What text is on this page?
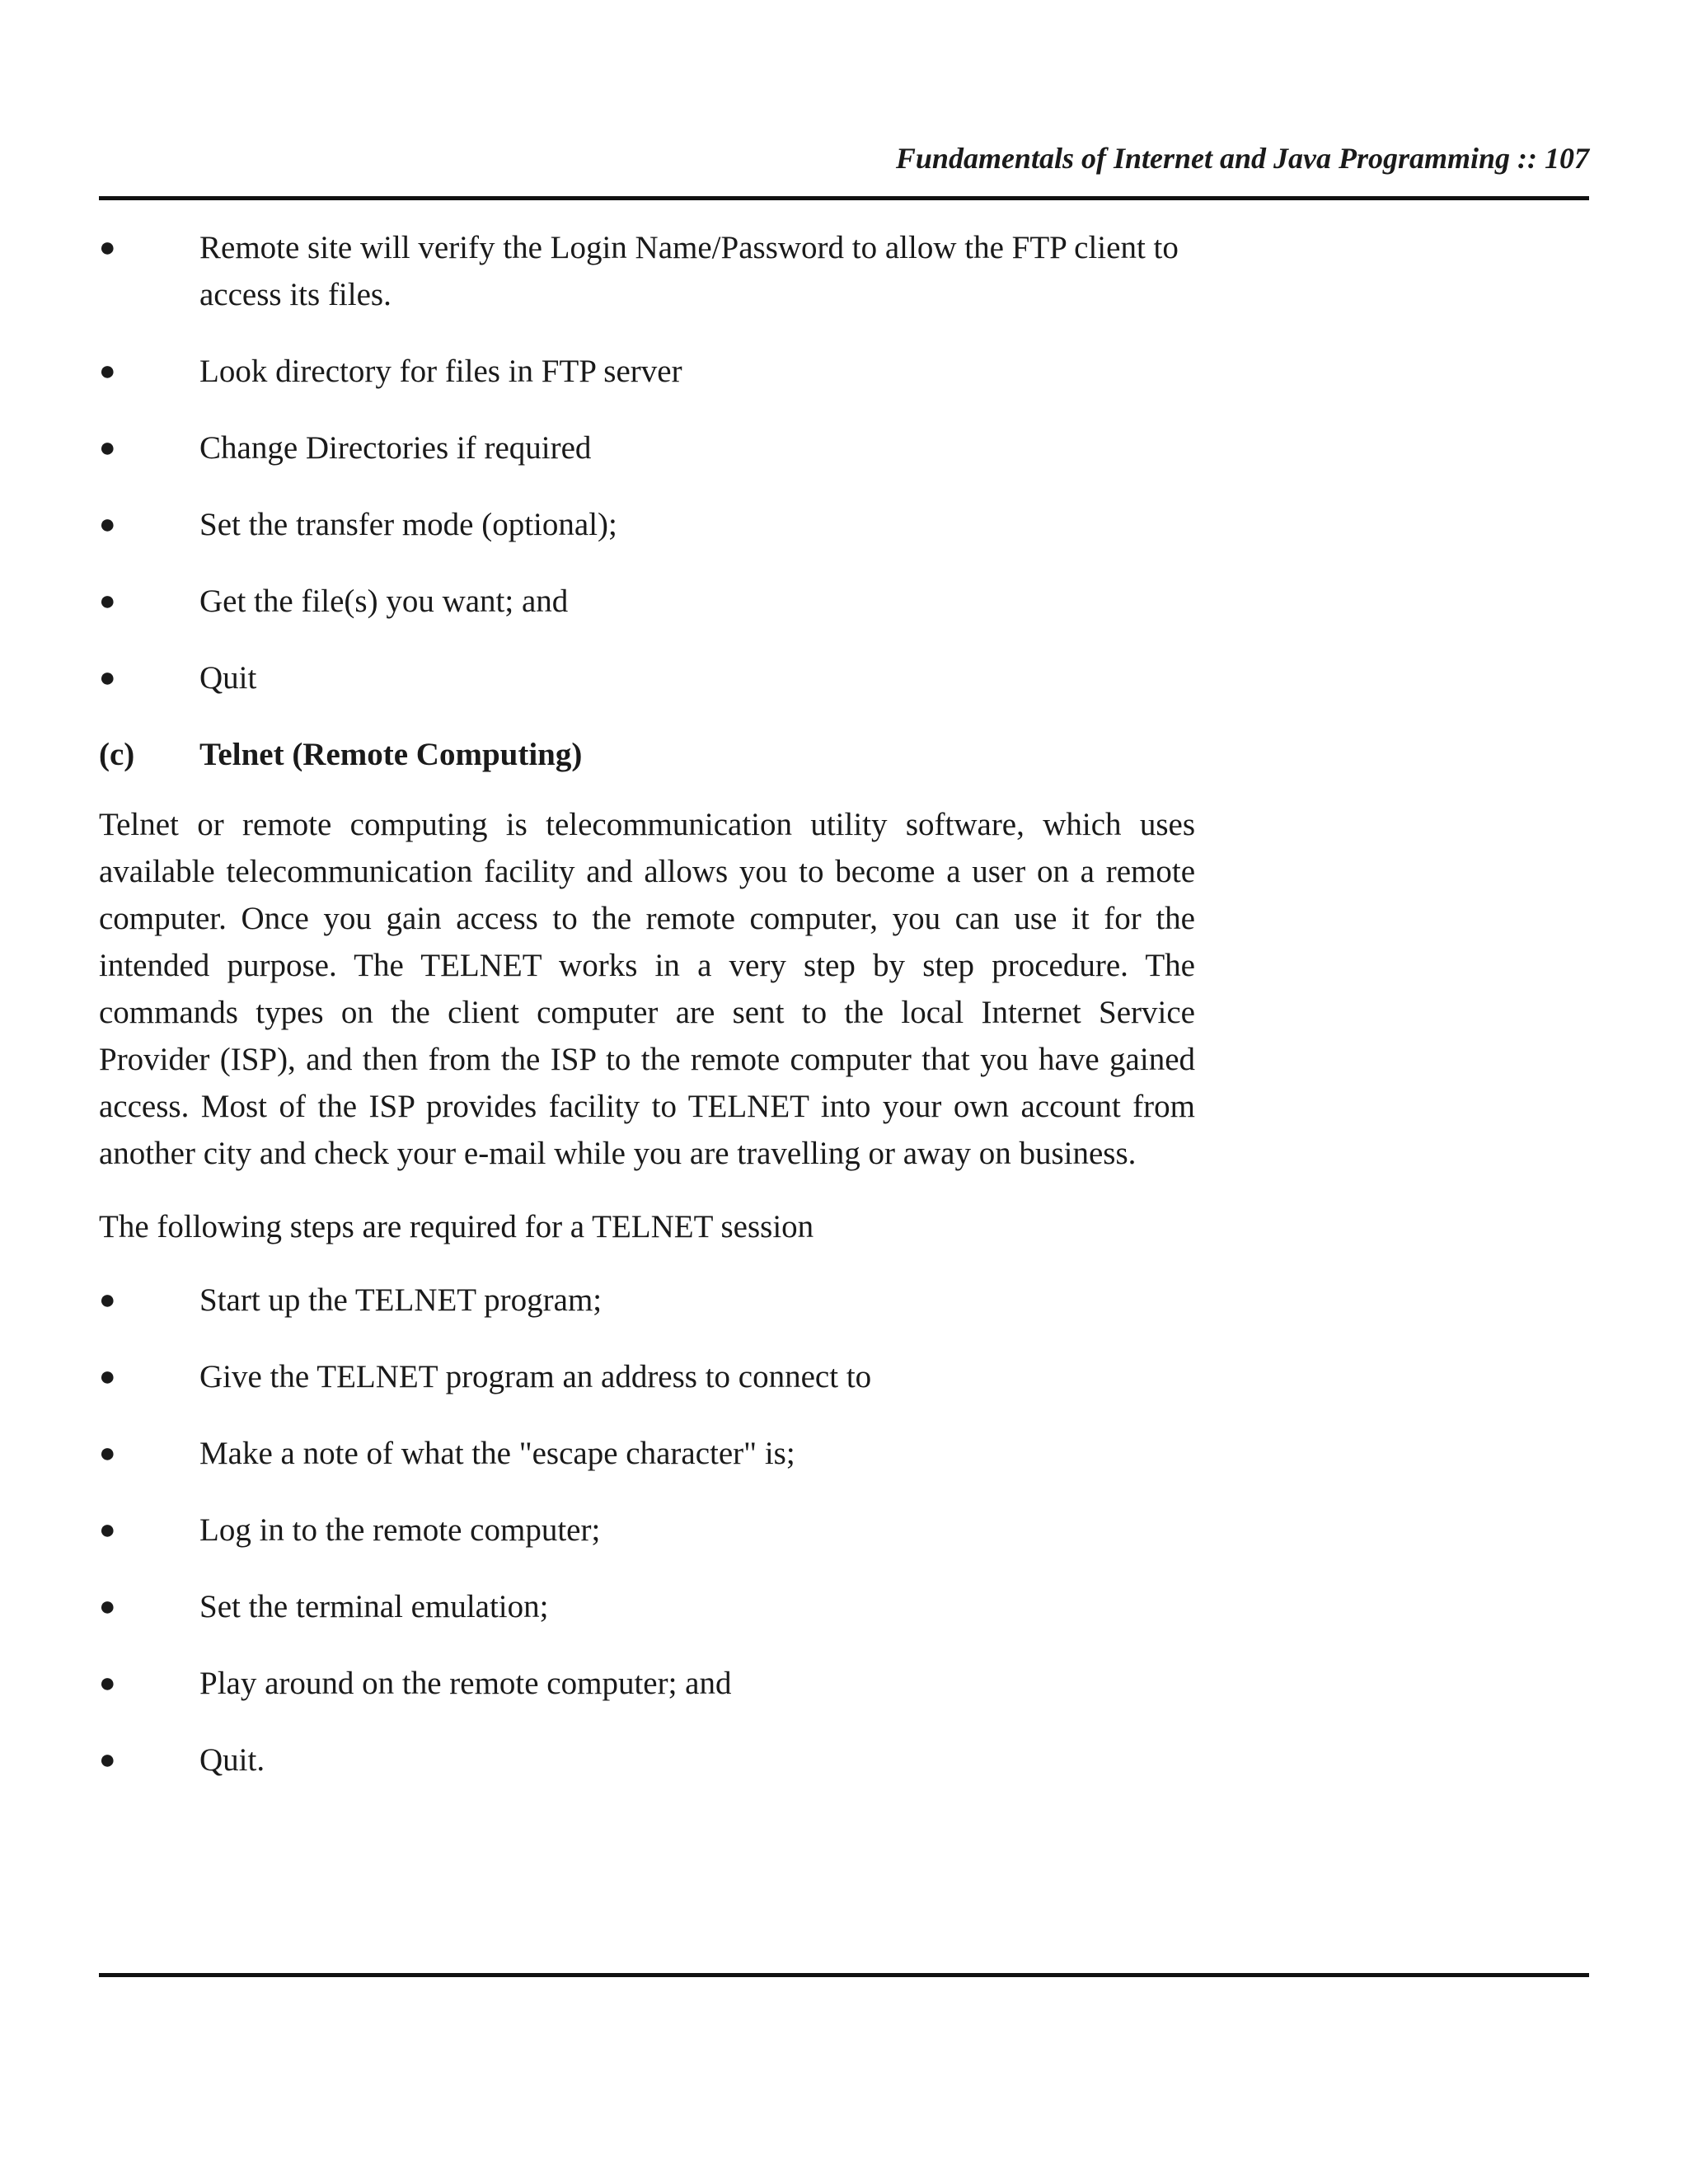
Fundamentals of Internet and Java Programming :: 107
●	Remote site will verify the Login Name/Password to allow the FTP client to access its files.
●	Look directory for files in FTP server
●	Change Directories if required
●	Set the transfer mode (optional);
●	Get the file(s) you want; and
●	Quit
(c)	Telnet (Remote Computing)

Telnet or remote computing is telecommunication utility software, which uses available telecommunication facility and allows you to become a user on a remote computer. Once you gain access to the remote computer, you can use it for the intended purpose. The TELNET works in a very step by step procedure. The commands types on the client computer are sent to the local Internet Service Provider (ISP), and then from the ISP to the remote computer that you have gained access. Most of the ISP provides facility to TELNET into your own account from another city and check your e-mail while you are travelling or away on business.

The following steps are required for a TELNET session

●	Start up the TELNET program;
●	Give the TELNET program an address to connect to
●	Make a note of what the "escape character" is;
●	Log in to the remote computer;
●	Set the terminal emulation;
●	Play around on the remote computer; and
●	Quit.
